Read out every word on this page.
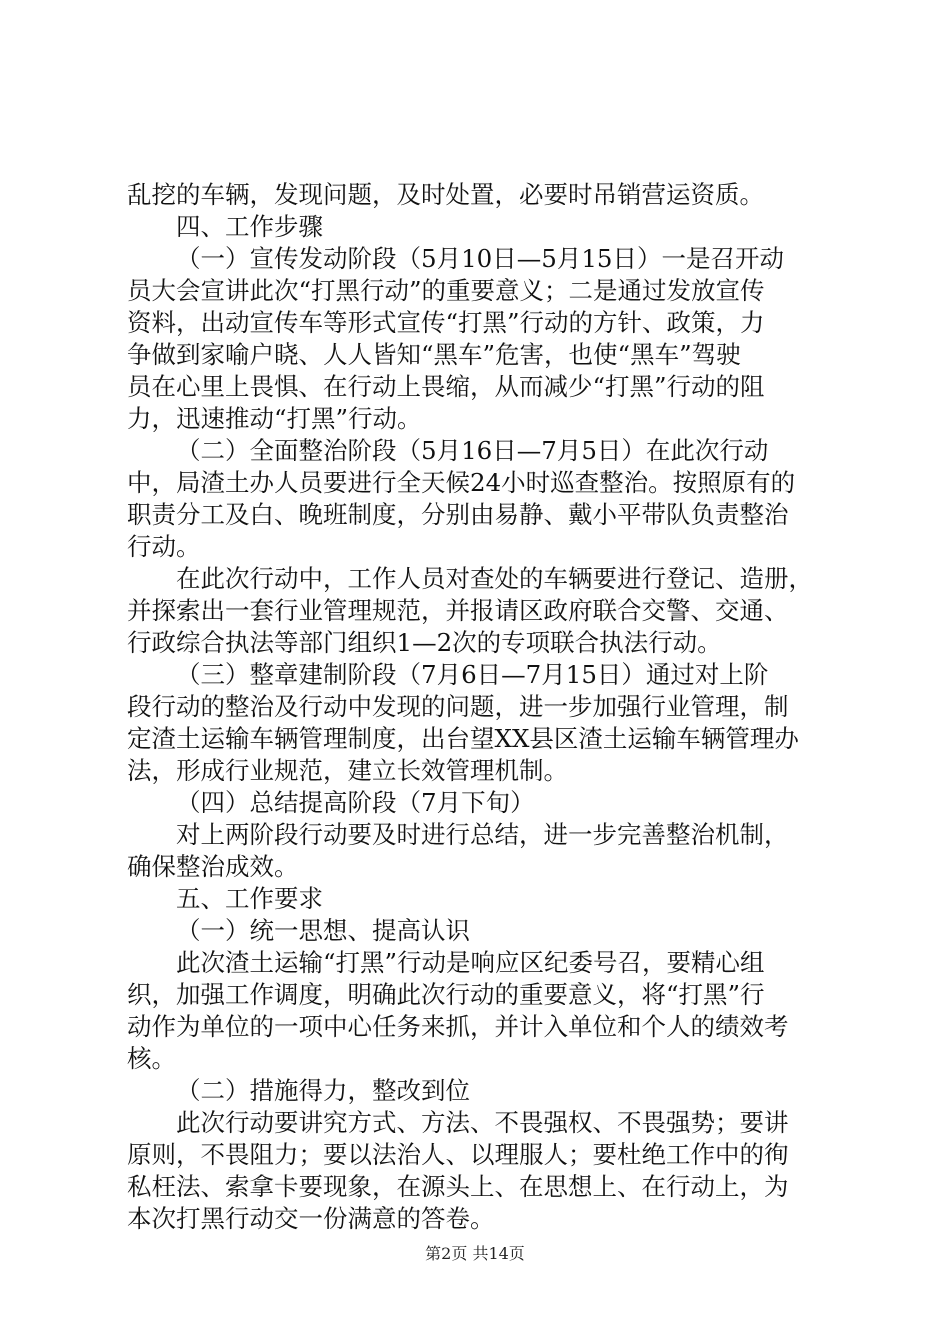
乱挖的车辆，发现问题，及时处置，必要时吊销营运资质。
四、工作步骤
（一）宣传发动阶段（5月10日—5月15日）一是召开动
员大会宣讲此次“打黑行动”的重要意义；二是通过发放宣传
资料，出动宣传车等形式宣传“打黑”行动的方针、政策，力
争做到家喻户晓、人人皆知“黑车”危害，也使“黑车”驾驶
员在心里上畏惧、在行动上畏缩，从而减少“打黑”行动的阻
力，迅速推动“打黑”行动。
（二）全面整治阶段（5月16日—7月5日）在此次行动
中，局渣土办人员要进行全天候24小时巡查整治。按照原有的
职责分工及白、晚班制度，分别由易静、戴小平带队负责整治
行动。
在此次行动中，工作人员对查处的车辆要进行登记、造册，
并探索出一套行业管理规范，并报请区政府联合交警、交通、
行政综合执法等部门组织1—2次的专项联合执法行动。
（三）整章建制阶段（7月6日—7月15日）通过对上阶
段行动的整治及行动中发现的问题，进一步加强行业管理，制
定渣土运输车辆管理制度，出台望XX县区渣土运输车辆管理办
法，形成行业规范，建立长效管理机制。
（四）总结提高阶段（7月下旬）
对上两阶段行动要及时进行总结，进一步完善整治机制，
确保整治成效。
五、工作要求
（一）统一思想、提高认识
此次渣土运输“打黑”行动是响应区纪委号召，要精心组
织，加强工作调度，明确此次行动的重要意义，将“打黑”行
动作为单位的一项中心任务来抓，并计入单位和个人的绩效考
核。
（二）措施得力，整改到位
此次行动要讲究方式、方法、不畏强权、不畏强势；要讲
原则，不畏阻力；要以法治人、以理服人；要杜绝工作中的徇
私枉法、索拿卡要现象，在源头上、在思想上、在行动上，为
本次打黑行动交一份满意的答卷。
第2页 共14页
